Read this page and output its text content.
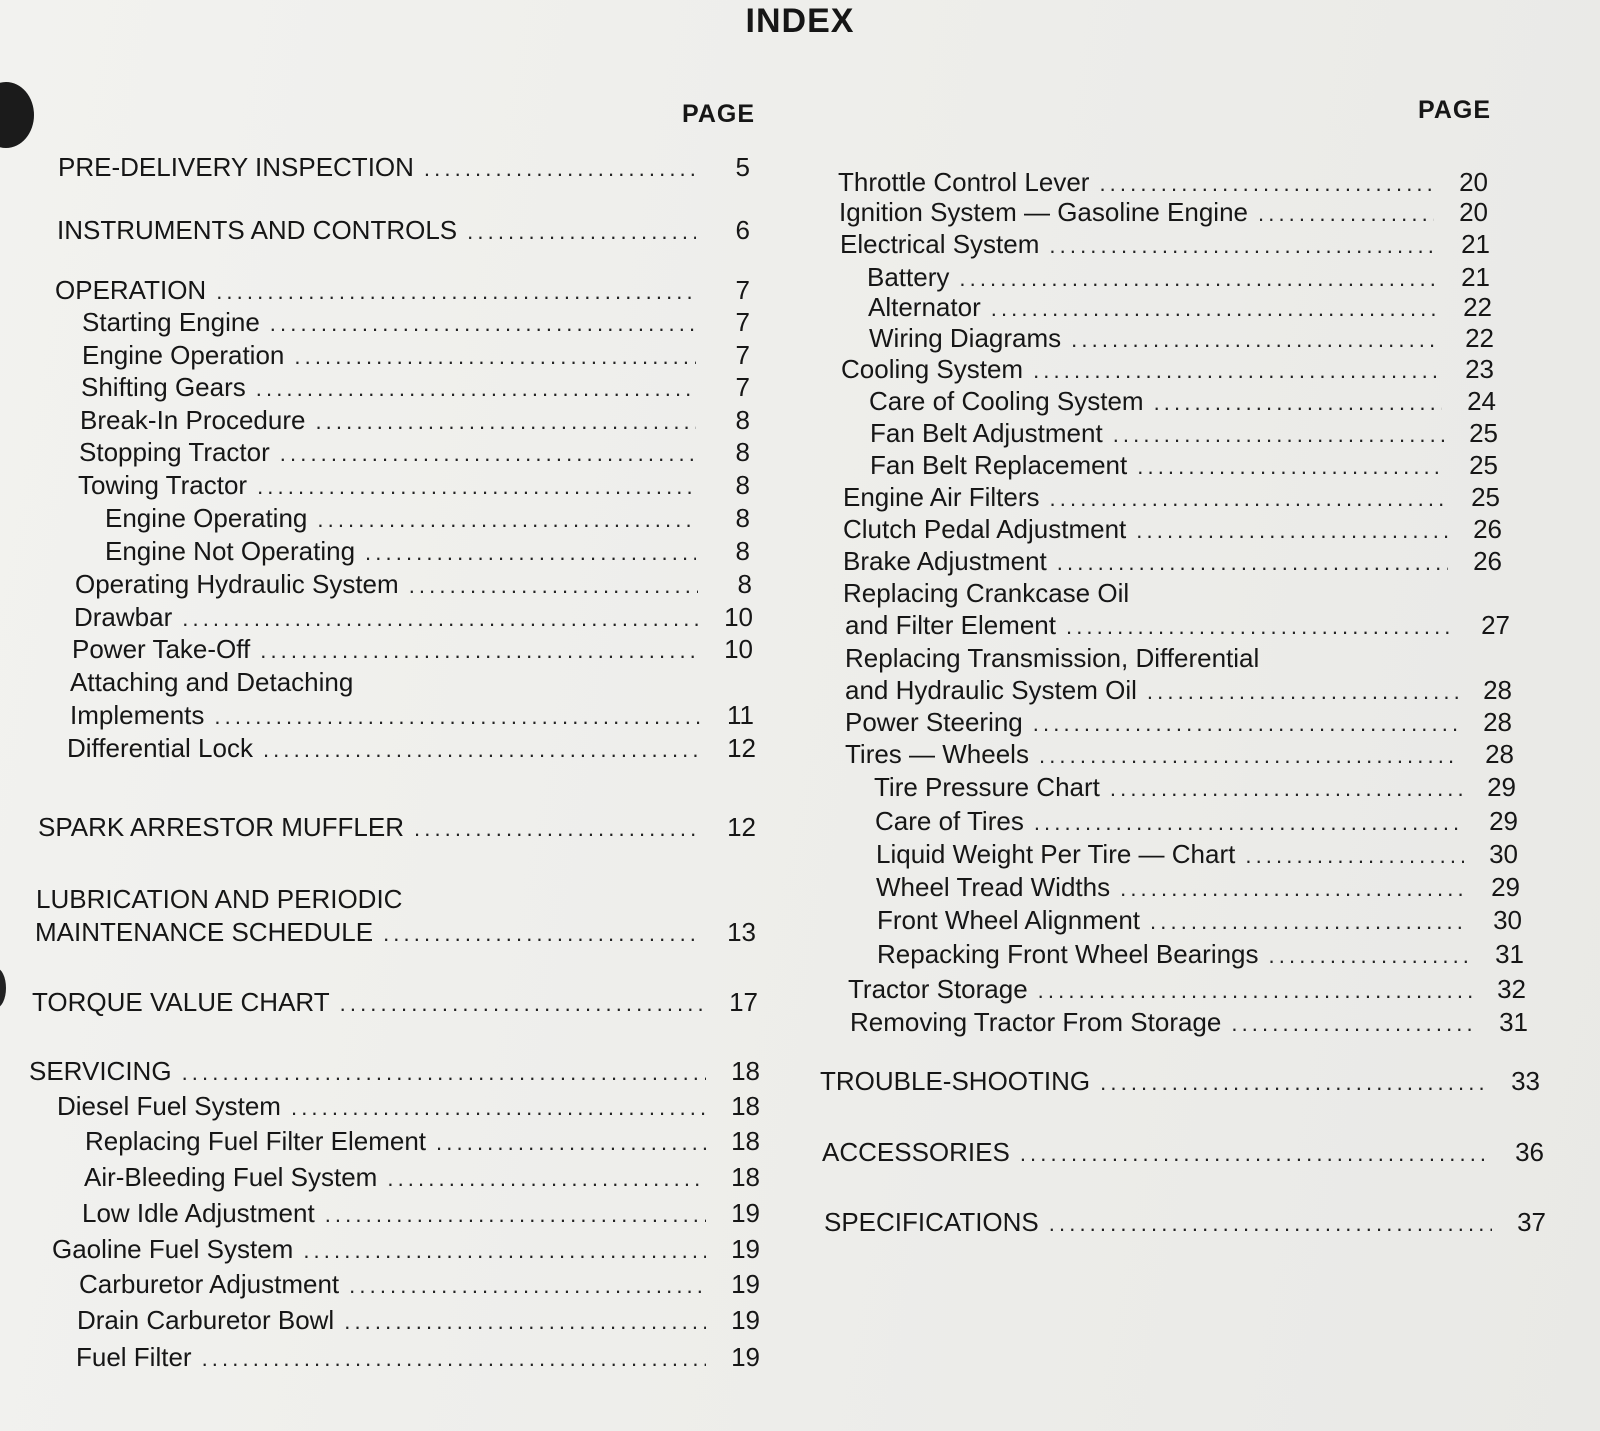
INDEX
PAGE	PAGE
PRE-DELIVERY INSPECTION . . .	5
INSTRUMENTS AND CONTROLS . . .	6
OPERATION . . .	7
Starting Engine . . .	7
Engine Operation . . .	7
Shifting Gears . . .	7
Break-In Procedure . . .	8
Stopping Tractor . . .	8
Towing Tractor . . .	8
Engine Operating . . .	8
Engine Not Operating . . .	8
Operating Hydraulic System . . .	8
Drawbar . . .	10
Power Take-Off . . .	10
Attaching and Detaching
Implements . . .	11
Differential Lock . . .	12
SPARK ARRESTOR MUFFLER . . .	12
LUBRICATION AND PERIODIC
MAINTENANCE SCHEDULE . . .	13
TORQUE VALUE CHART . . .	17
SERVICING . . .	18
Diesel Fuel System . . .	18
Replacing Fuel Filter Element . . .	18
Air-Bleeding Fuel System . . .	18
Low Idle Adjustment . . .	19
Gaoline Fuel System . . .	19
Carburetor Adjustment . . .	19
Drain Carburetor Bowl . . .	19
Fuel Filter . . .	19
Throttle Control Lever . . .	20
Ignition System — Gasoline Engine . . .	20
Electrical System . . .	21
Battery . . .	21
Alternator . . .	22
Wiring Diagrams . . .	22
Cooling System . . .	23
Care of Cooling System . . .	24
Fan Belt Adjustment . . .	25
Fan Belt Replacement . . .	25
Engine Air Filters . . .	25
Clutch Pedal Adjustment . . .	26
Brake Adjustment . . .	26
Replacing Crankcase Oil
and Filter Element . . .	27
Replacing Transmission, Differential
and Hydraulic System Oil . . .	28
Power Steering . . .	28
Tires — Wheels . . .	28
Tire Pressure Chart . . .	29
Care of Tires . . .	29
Liquid Weight Per Tire — Chart . . .	30
Wheel Tread Widths . . .	29
Front Wheel Alignment . . .	30
Repacking Front Wheel Bearings . . .	31
Tractor Storage . . .	32
Removing Tractor From Storage . . .	31
TROUBLE-SHOOTING . . .	33
ACCESSORIES . . .	36
SPECIFICATIONS . . .	37
